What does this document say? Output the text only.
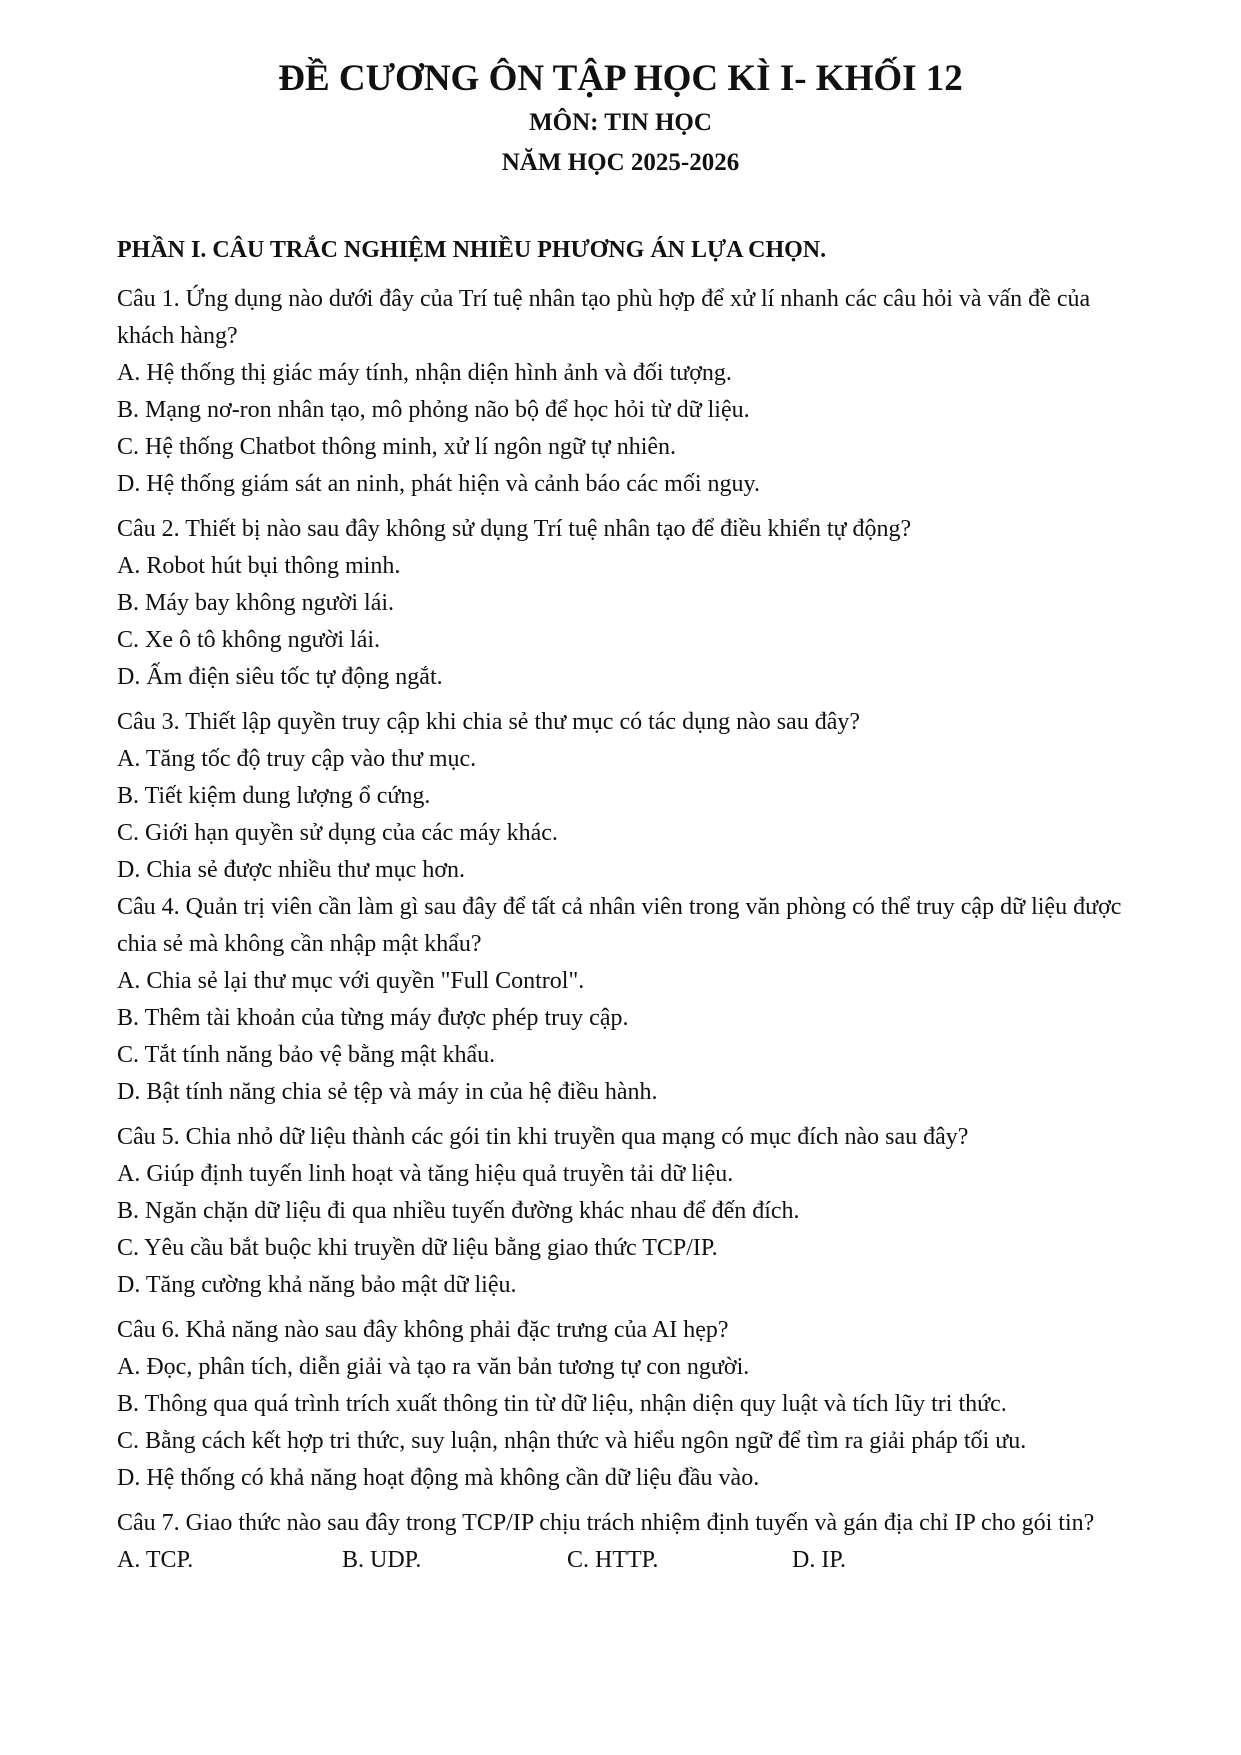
ĐỀ CƯƠNG ÔN TẬP HỌC KÌ I- KHỐI 12
MÔN: TIN HỌC
NĂM HỌC 2025-2026
PHẦN I. CÂU TRẮC NGHIỆM NHIỀU PHƯƠNG ÁN LỰA CHỌN.

Câu 1. Ứng dụng nào dưới đây của Trí tuệ nhân tạo phù hợp để xử lí nhanh các câu hỏi và vấn đề của khách hàng?

A. Hệ thống thị giác máy tính, nhận diện hình ảnh và đối tượng.

B. Mạng nơ-ron nhân tạo, mô phỏng não bộ để học hỏi từ dữ liệu.

C. Hệ thống Chatbot thông minh, xử lí ngôn ngữ tự nhiên.

D. Hệ thống giám sát an ninh, phát hiện và cảnh báo các mối nguy.

Câu 2. Thiết bị nào sau đây không sử dụng Trí tuệ nhân tạo để điều khiển tự động?

A. Robot hút bụi thông minh.

B. Máy bay không người lái.

C. Xe ô tô không người lái.

D. Ấm điện siêu tốc tự động ngắt.

Câu 3. Thiết lập quyền truy cập khi chia sẻ thư mục có tác dụng nào sau đây?

A. Tăng tốc độ truy cập vào thư mục.

B. Tiết kiệm dung lượng ổ cứng.

C. Giới hạn quyền sử dụng của các máy khác.

D. Chia sẻ được nhiều thư mục hơn.

Câu 4. Quản trị viên cần làm gì sau đây để tất cả nhân viên trong văn phòng có thể truy cập dữ liệu được chia sẻ mà không cần nhập mật khẩu?

A. Chia sẻ lại thư mục với quyền "Full Control".

B. Thêm tài khoản của từng máy được phép truy cập.

C. Tắt tính năng bảo vệ bằng mật khẩu.

D. Bật tính năng chia sẻ tệp và máy in của hệ điều hành.

Câu 5. Chia nhỏ dữ liệu thành các gói tin khi truyền qua mạng có mục đích nào sau đây?

A. Giúp định tuyến linh hoạt và tăng hiệu quả truyền tải dữ liệu.

B. Ngăn chặn dữ liệu đi qua nhiều tuyến đường khác nhau để đến đích.

C. Yêu cầu bắt buộc khi truyền dữ liệu bằng giao thức TCP/IP.

D. Tăng cường khả năng bảo mật dữ liệu.

Câu 6. Khả năng nào sau đây không phải đặc trưng của AI hẹp?

A. Đọc, phân tích, diễn giải và tạo ra văn bản tương tự con người.

B. Thông qua quá trình trích xuất thông tin từ dữ liệu, nhận diện quy luật và tích lũy tri thức.

C. Bằng cách kết hợp tri thức, suy luận, nhận thức và hiểu ngôn ngữ để tìm ra giải pháp tối ưu.

D. Hệ thống có khả năng hoạt động mà không cần dữ liệu đầu vào.

Câu 7. Giao thức nào sau đây trong TCP/IP chịu trách nhiệm định tuyến và gán địa chỉ IP cho gói tin?

A. TCP.	B. UDP.	C. HTTP.	D. IP.
